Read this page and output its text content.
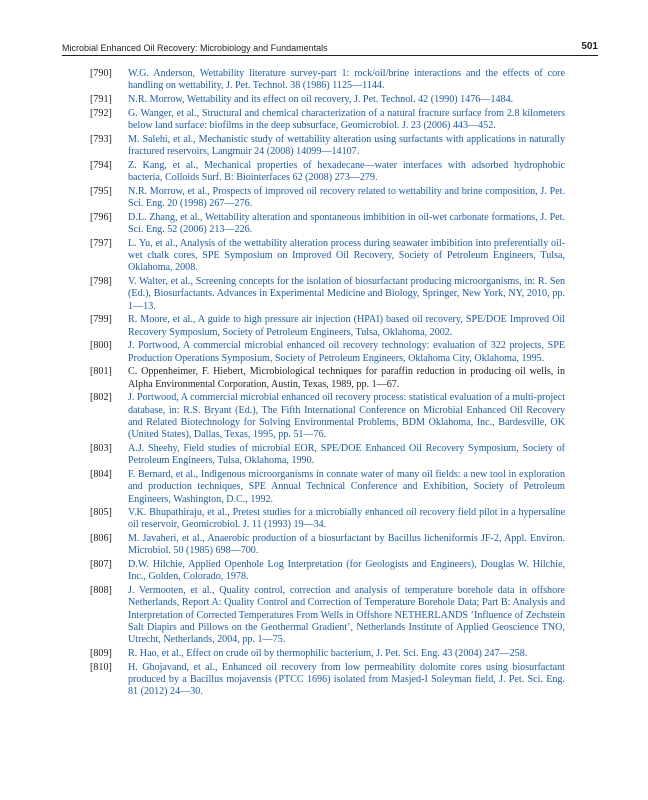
Microbial Enhanced Oil Recovery: Microbiology and Fundamentals	501
[790] W.G. Anderson, Wettability literature survey-part 1: rock/oil/brine interactions and the effects of core handling on wettability, J. Pet. Technol. 38 (1986) 1125—1144.
[791] N.R. Morrow, Wettability and its effect on oil recovery, J. Pet. Technol. 42 (1990) 1476—1484.
[792] G. Wanger, et al., Structural and chemical characterization of a natural fracture surface from 2.8 kilometers below land surface: biofilms in the deep subsurface, Geomicrobiol. J. 23 (2006) 443—452.
[793] M. Salehi, et al., Mechanistic study of wettability alteration using surfactants with applications in naturally fractured reservoirs, Langmuir 24 (2008) 14099—14107.
[794] Z. Kang, et al., Mechanical properties of hexadecane—water interfaces with adsorbed hydrophobic bacteria, Colloids Surf. B: Biointerfaces 62 (2008) 273—279.
[795] N.R. Morrow, et al., Prospects of improved oil recovery related to wettability and brine composition, J. Pet. Sci. Eng. 20 (1998) 267—276.
[796] D.L. Zhang, et al., Wettability alteration and spontaneous imbibition in oil-wet carbonate formations, J. Pet. Sci. Eng. 52 (2006) 213—226.
[797] L. Yu, et al., Analysis of the wettability alteration process during seawater imbibition into preferentially oil-wet chalk cores, SPE Symposium on Improved Oil Recovery, Society of Petroleum Engineers, Tulsa, Oklahoma, 2008.
[798] V. Walter, et al., Screening concepts for the isolation of biosurfactant producing microorganisms, in: R. Sen (Ed.), Biosurfactants. Advances in Experimental Medicine and Biology, Springer, New York, NY, 2010, pp. 1—13.
[799] R. Moore, et al., A guide to high pressure air injection (HPAI) based oil recovery, SPE/DOE Improved Oil Recovery Symposium, Society of Petroleum Engineers, Tulsa, Oklahoma, 2002.
[800] J. Portwood, A commercial microbial enhanced oil recovery technology: evaluation of 322 projects, SPE Production Operations Symposium, Society of Petroleum Engineers, Oklahoma City, Oklahoma, 1995.
[801] C. Oppenheimer, F. Hiebert, Microbiological techniques for paraffin reduction in producing oil wells, in Alpha Environmental Corporation, Austin, Texas, 1989, pp. 1—67.
[802] J. Portwood, A commercial microbial enhanced oil recovery process: statistical evaluation of a multi-project database, in: R.S. Bryant (Ed.), The Fifth International Conference on Microbial Enhanced Oil Recovery and Related Biotechnology for Solving Environmental Problems, BDM Oklahoma, Inc., Bardesville, OK (United States), Dallas, Texas, 1995, pp. 51—76.
[803] A.J. Sheehy, Field studies of microbial EOR, SPE/DOE Enhanced Oil Recovery Symposium, Society of Petroleum Engineers, Tulsa, Oklahoma, 1990.
[804] F. Bernard, et al., Indigenous microorganisms in connate water of many oil fields: a new tool in exploration and production techniques, SPE Annual Technical Conference and Exhibition, Society of Petroleum Engineers, Washington, D.C., 1992.
[805] V.K. Bhupathiraju, et al., Pretest studies for a microbially enhanced oil recovery field pilot in a hypersaline oil reservoir, Geomicrobiol. J. 11 (1993) 19—34.
[806] M. Javaheri, et al., Anaerobic production of a biosurfactant by Bacillus licheniformis JF-2, Appl. Environ. Microbiol. 50 (1985) 698—700.
[807] D.W. Hilchie, Applied Openhole Log Interpretation (for Geologists and Engineers), Douglas W. Hilchie, Inc., Golden, Colorado, 1978.
[808] J. Vermooten, et al., Quality control, correction and analysis of temperature borehole data in offshore Netherlands, Report A: Quality Control and Correction of Temperature Borehole Data; Part B: Analysis and Interpretation of Corrected Temperatures From Wells in Offshore NETHERLANDS ‘Influence of Zechstein Salt Diapirs and Pillows on the Geothermal Gradient’, Netherlands Institute of Applied Geoscience TNO, Utrecht, Netherlands, 2004, pp. 1—75.
[809] R. Hao, et al., Effect on crude oil by thermophilic bacterium, J. Pet. Sci. Eng. 43 (2004) 247—258.
[810] H. Ghojavand, et al., Enhanced oil recovery from low permeability dolomite cores using biosurfactant produced by a Bacillus mojavensis (PTCC 1696) isolated from Masjed-I Soleyman field, J. Pet. Sci. Eng. 81 (2012) 24—30.
